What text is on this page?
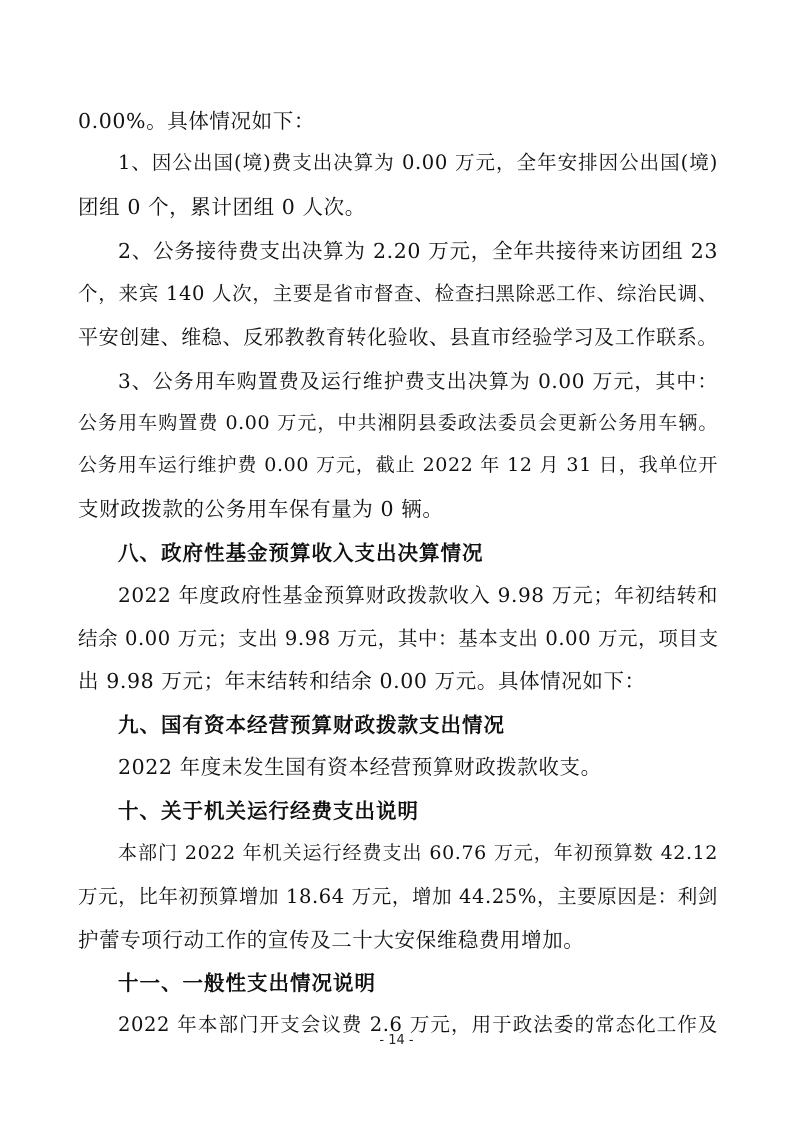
0.00%。具体情况如下：
1、因公出国(境)费支出决算为 0.00 万元，全年安排因公出国(境)
团组 0 个，累计团组 0 人次。
2、公务接待费支出决算为 2.20 万元，全年共接待来访团组 23
个，来宾 140 人次，主要是省市督查、检查扫黑除恶工作、综治民调、
平安创建、维稳、反邪教教育转化验收、县直市经验学习及工作联系。
3、公务用车购置费及运行维护费支出决算为 0.00 万元，其中：
公务用车购置费 0.00 万元，中共湘阴县委政法委员会更新公务用车辆。
公务用车运行维护费 0.00 万元，截止 2022 年 12 月 31 日，我单位开
支财政拨款的公务用车保有量为 0 辆。
八、政府性基金预算收入支出决算情况
2022 年度政府性基金预算财政拨款收入 9.98 万元；年初结转和
结余 0.00 万元；支出 9.98 万元，其中：基本支出 0.00 万元，项目支
出 9.98 万元；年末结转和结余 0.00 万元。具体情况如下：
九、国有资本经营预算财政拨款支出情况
2022 年度未发生国有资本经营预算财政拨款收支。
十、关于机关运行经费支出说明
本部门 2022 年机关运行经费支出 60.76 万元，年初预算数 42.12
万元，比年初预算增加 18.64 万元，增加 44.25%，主要原因是：利剑
护蕾专项行动工作的宣传及二十大安保维稳费用增加。
十一、一般性支出情况说明
2022 年本部门开支会议费 2.6 万元，用于政法委的常态化工作及
- 14 -
